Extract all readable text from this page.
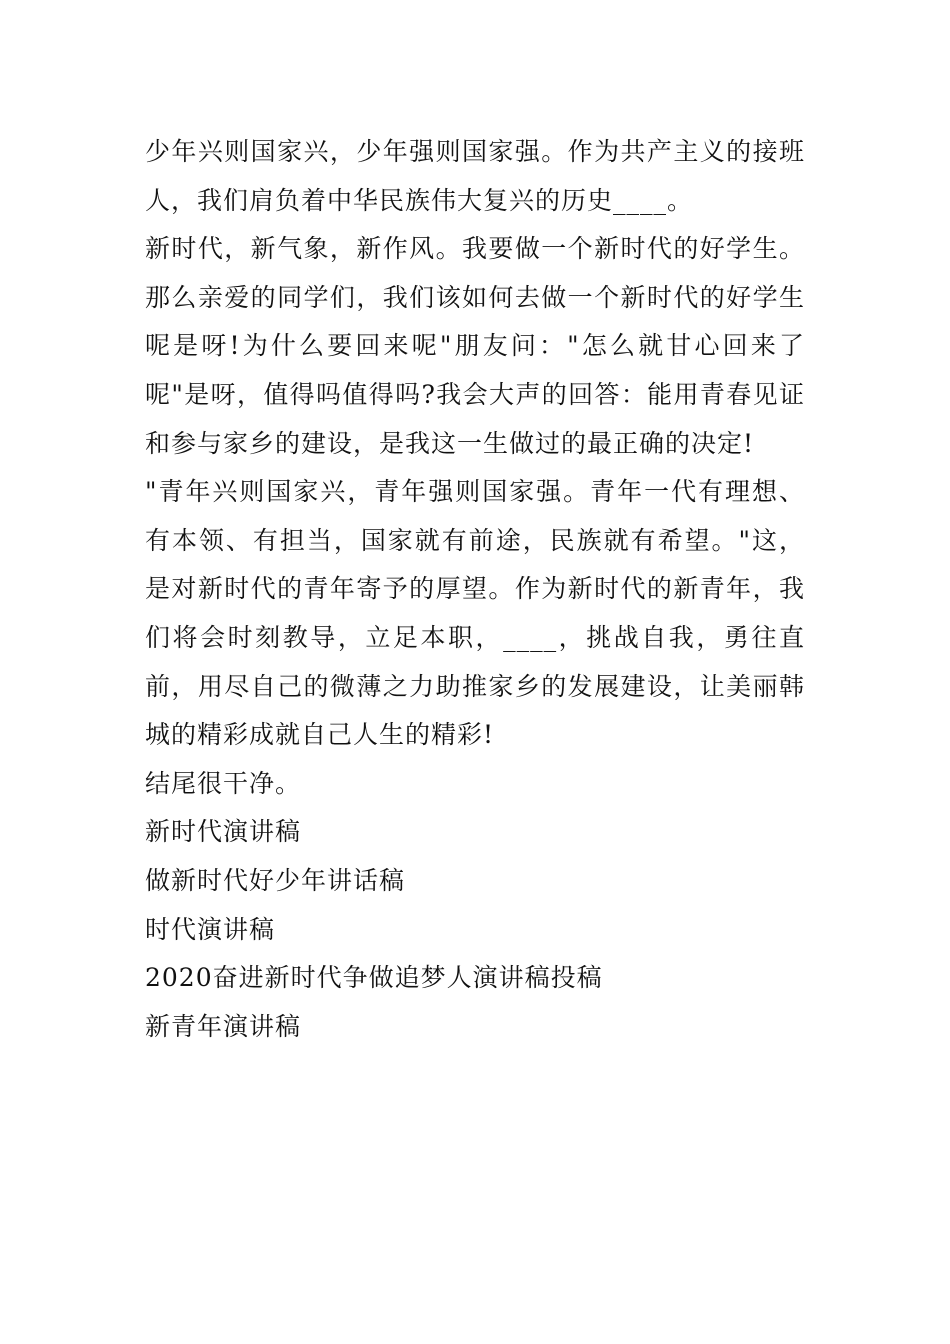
少年兴则国家兴，少年强则国家强。作为共产主义的接班人，我们肩负着中华民族伟大复兴的历史____。

新时代，新气象，新作风。我要做一个新时代的好学生。那么亲爱的同学们，我们该如何去做一个新时代的好学生呢是呀!为什么要回来呢"朋友问："怎么就甘心回来了呢"是呀，值得吗值得吗?我会大声的回答：能用青春见证和参与家乡的建设，是我这一生做过的最正确的决定!

"青年兴则国家兴，青年强则国家强。青年一代有理想、有本领、有担当，国家就有前途，民族就有希望。"这，是对新时代的青年寄予的厚望。作为新时代的新青年，我们将会时刻教导，立足本职，____，挑战自我，勇往直前，用尽自己的微薄之力助推家乡的发展建设，让美丽韩城的精彩成就自己人生的精彩!

结尾很干净。

新时代演讲稿

做新时代好少年讲话稿

时代演讲稿

2020奋进新时代争做追梦人演讲稿投稿

新青年演讲稿
